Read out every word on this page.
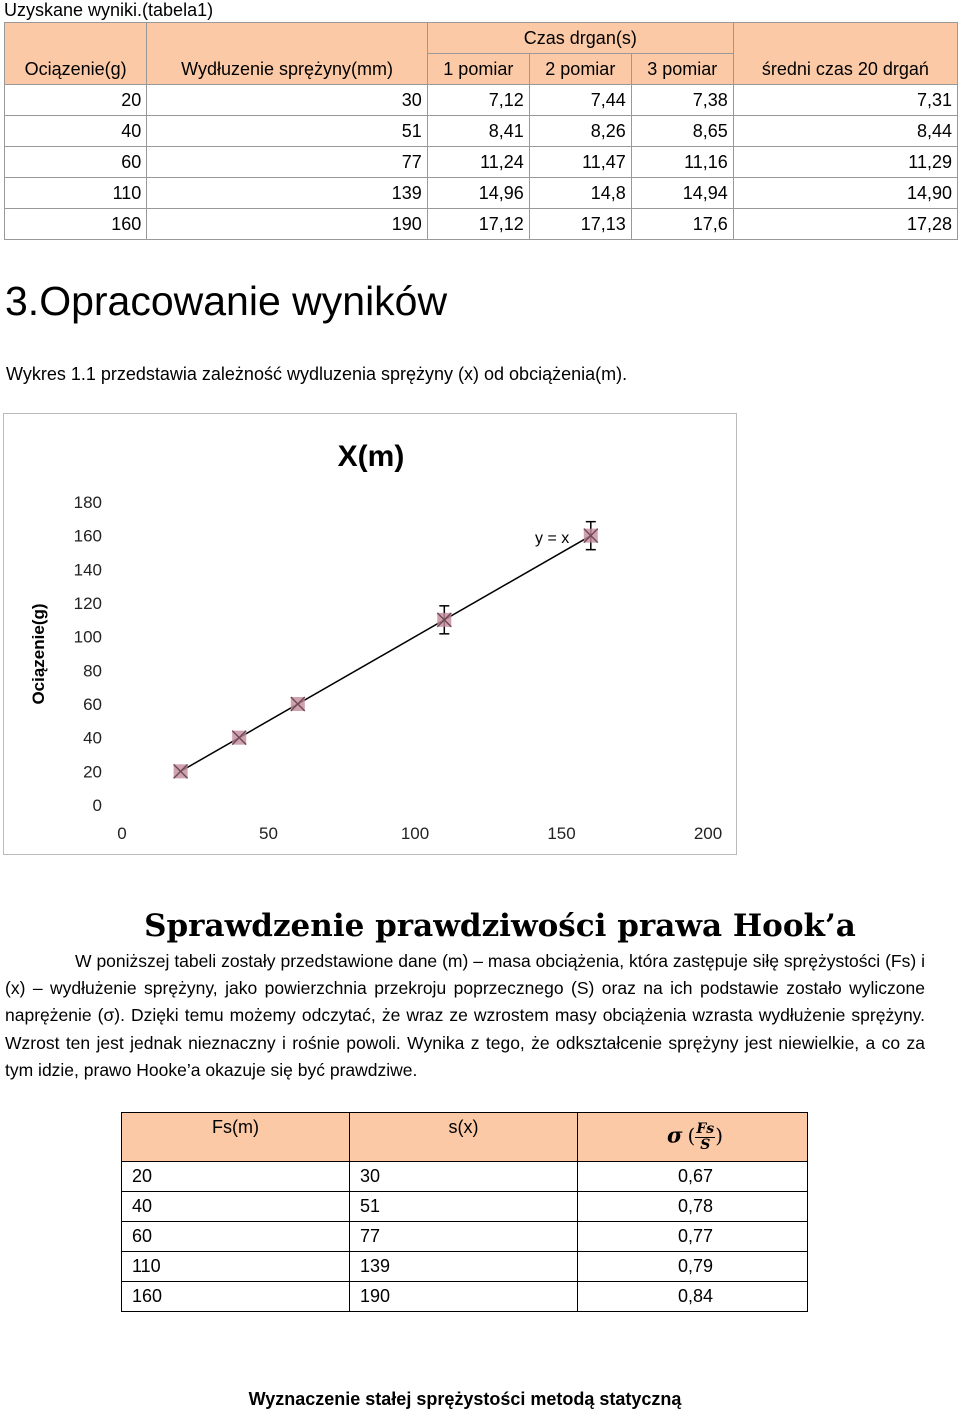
Uzyskane wyniki.(tabela1)
Ociązenie(g)	Wydłuzenie sprężyny(mm)	Czas drgan(s)			średni czas 20 drgań
		1 pomiar	2 pomiar	3 pomiar	
20	30	7,12	7,44	7,38	7,31
40	51	8,41	8,26	8,65	8,44
60	77	11,24	11,47	11,16	11,29
110	139	14,96	14,8	14,94	14,90
160	190	17,12	17,13	17,6	17,28
3.Opracowanie wyników
Wykres 1.1 przedstawia zależność wydluzenia sprężyny (x) od obciążenia(m).
X(m)
Ociązenie(g)
0
20
40
60
80
100
120
140
160
180
0	50	100	150	200
y = x
Sprawdzenie prawdziwości prawa Hook’a

W poniższej tabeli zostały przedstawione dane (m) – masa obciążenia, która zastępuje siłę sprężystości (Fs) i (x) – wydłużenie sprężyny, jako powierzchnia przekroju poprzecznego (S) oraz na ich podstawie zostało wyliczone naprężenie (σ). Dzięki temu możemy odczytać, że wraz ze wzrostem masy obciążenia wzrasta wydłużenie sprężyny. Wzrost ten jest jednak nieznaczny i rośnie powoli. Wynika z tego, że odkształcenie sprężyny jest niewielkie, a co za tym idzie, prawo Hooke’a okazuje się być prawdziwe.

Fs(m)	s(x)	σ ( $\frac{Fs}{S}$ )
20	30	0,67
40	51	0,78
60	77	0,77
110	139	0,79
160	190	0,84
Wyznaczenie stałej sprężystości metodą statyczną
